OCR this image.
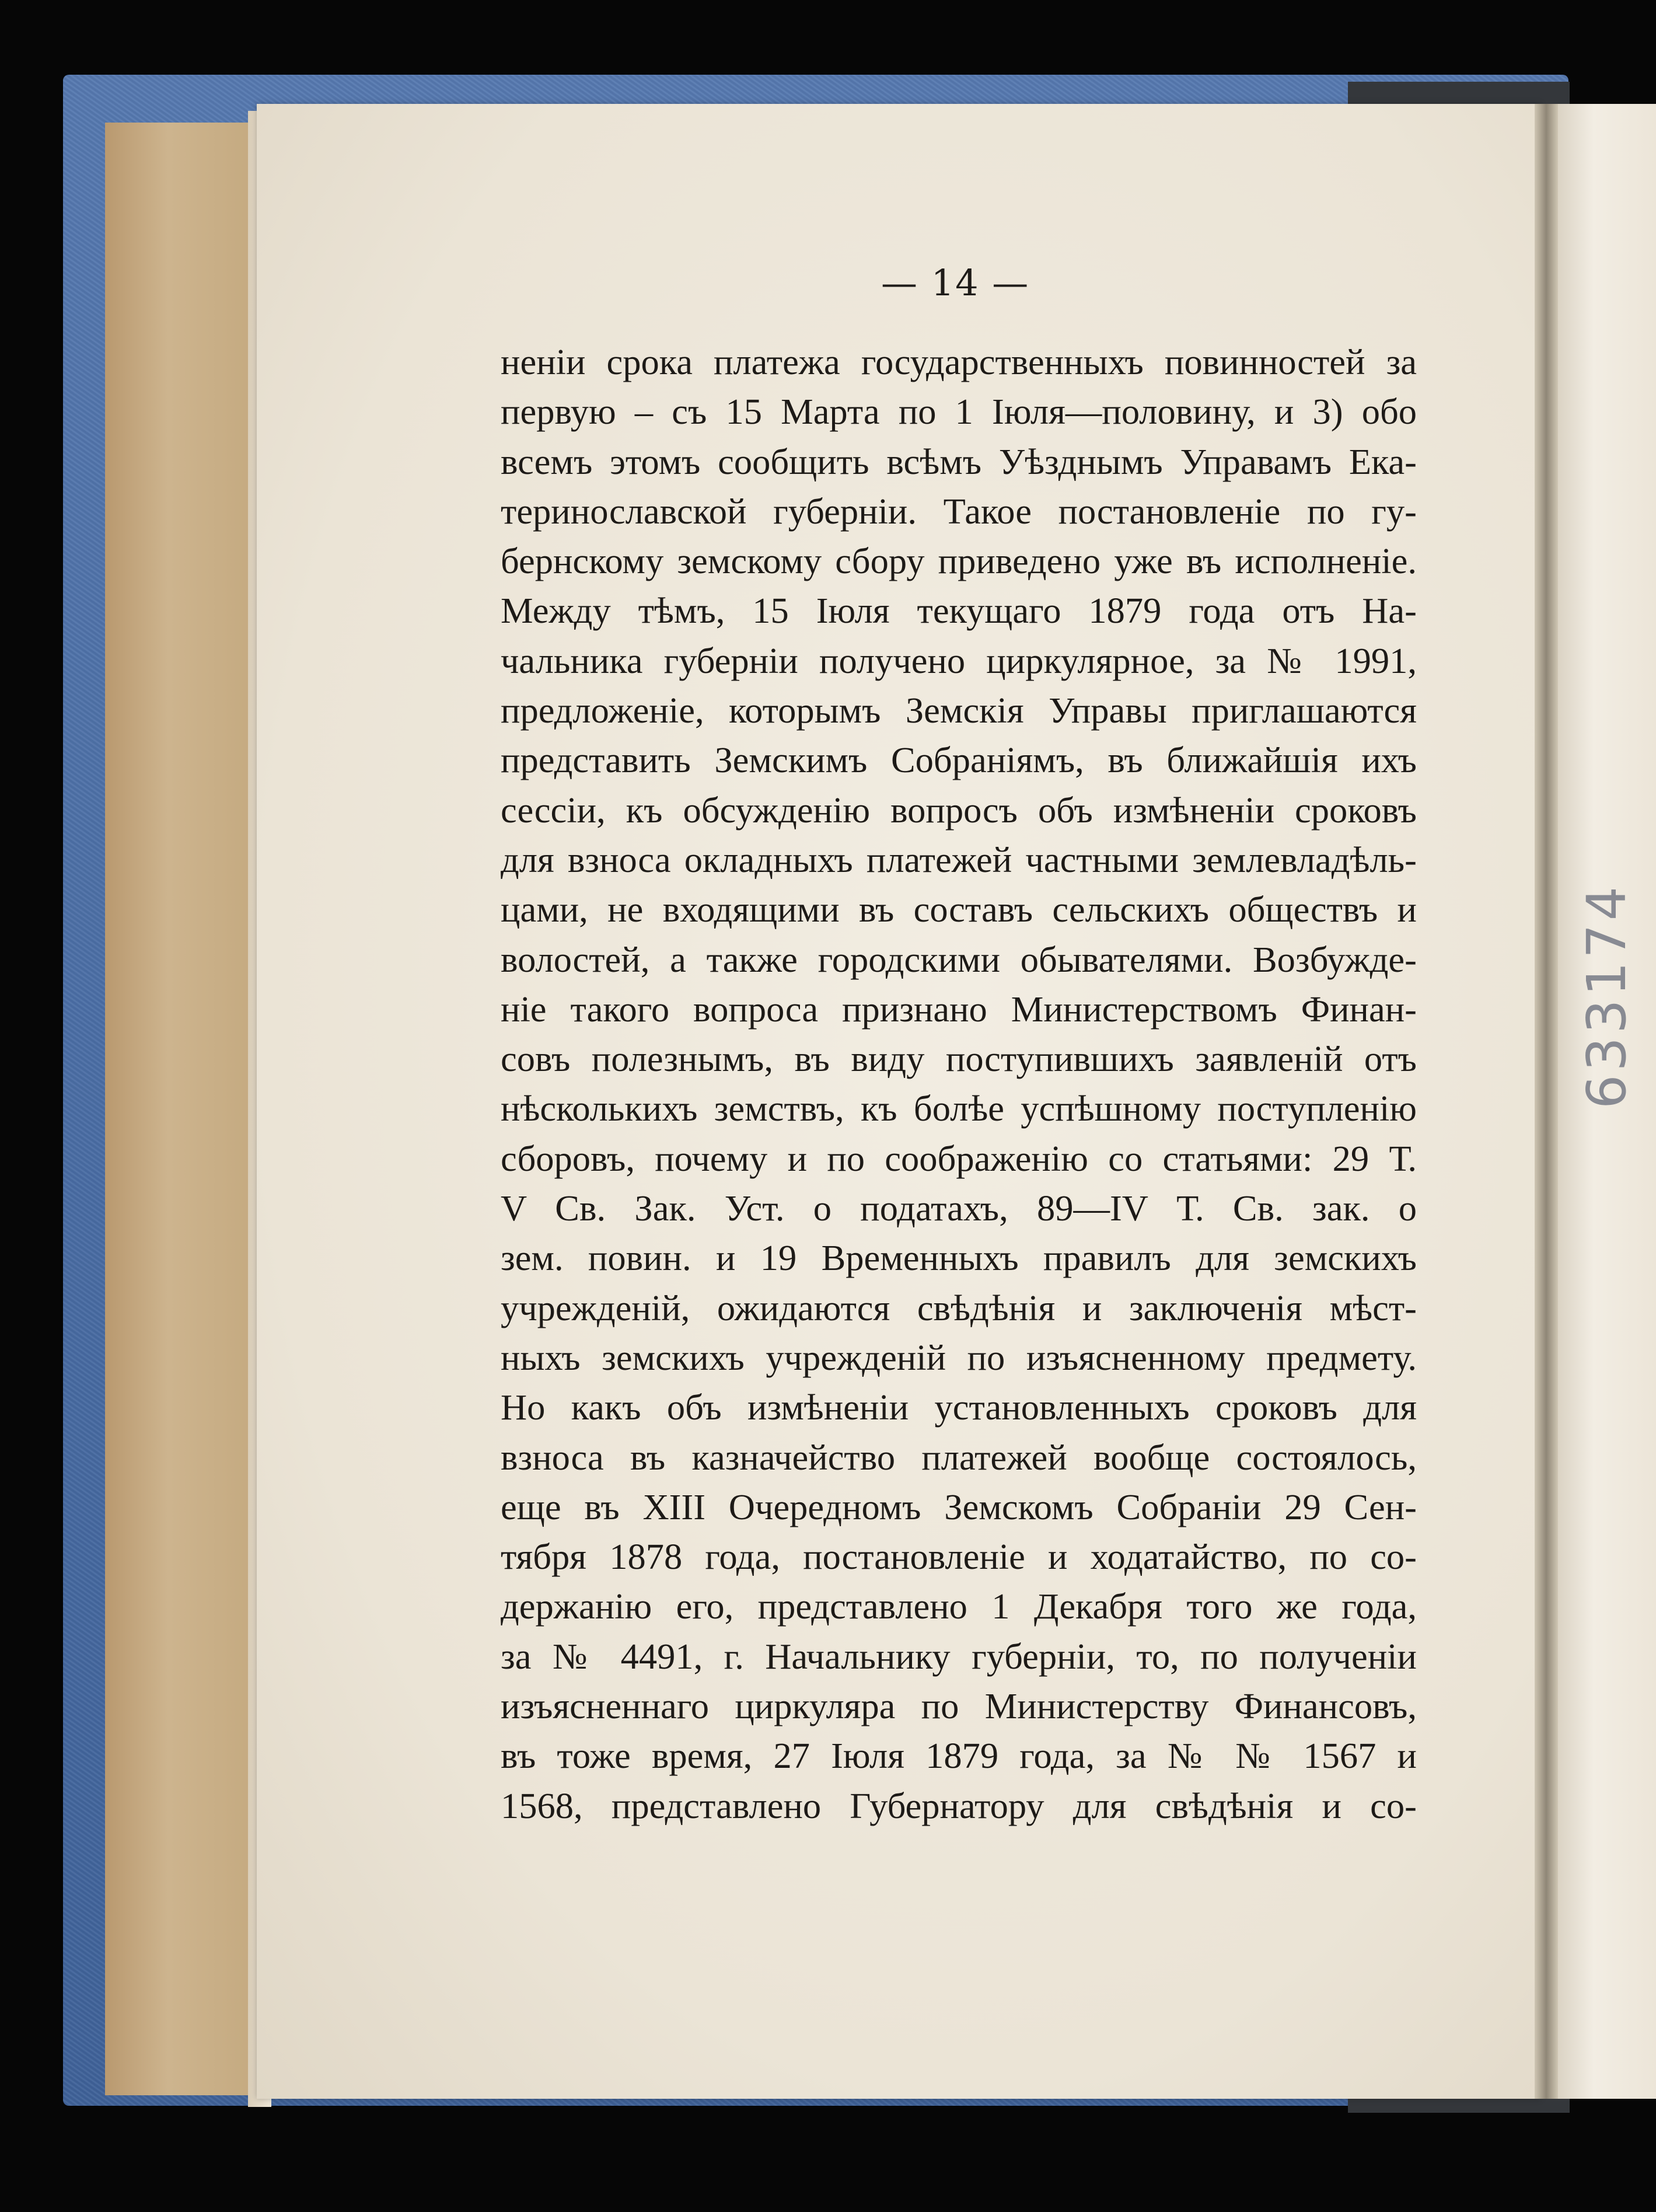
— 14 —
неніи срока платежа государственныхъ повинностей за
первую – съ 15 Марта по 1 Іюля—половину, и 3) обо
всемъ этомъ сообщить всѣмъ Уѣзднымъ Управамъ Ека-
теринославской губерніи. Такое постановленіе по гу-
бернскому земскому сбору приведено уже въ исполненіе.
Между тѣмъ, 15 Іюля текущаго 1879 года отъ На-
чальника губерніи получено циркулярное, за № 1991,
предложеніе, которымъ Земскія Управы приглашаются
представить Земскимъ Собраніямъ, въ ближайшія ихъ
сессіи, къ обсужденію вопросъ объ измѣненіи сроковъ
для взноса окладныхъ платежей частными землевладѣль-
цами, не входящими въ составъ сельскихъ обществъ и
волостей, а также городскими обывателями. Возбужде-
ніе такого вопроса признано Министерствомъ Финан-
совъ полезнымъ, въ виду поступившихъ заявленій отъ
нѣсколькихъ земствъ, къ болѣе успѣшному поступленію
сборовъ, почему и по соображенію со статьями: 29 Т.
V Св. Зак. Уст. о податахъ, 89—IV Т. Св. зак. о
зем. повин. и 19 Временныхъ правилъ для земскихъ
учрежденій, ожидаются свѣдѣнія и заключенія мѣст-
ныхъ земскихъ учрежденій по изъясненному предмету.
Но какъ объ измѣненіи установленныхъ сроковъ для
взноса въ казначейство платежей вообще состоялось,
еще въ XIII Очередномъ Земскомъ Собраніи 29 Сен-
тября 1878 года, постановленіе и ходатайство, по со-
держанію его, представлено 1 Декабря того же года,
за № 4491, г. Начальнику губерніи, то, по полученіи
изъясненнаго циркуляра по Министерству Финансовъ,
въ тоже время, 27 Іюля 1879 года, за № № 1567 и
1568, представлено Губернатору для свѣдѣнія и со-
633174
